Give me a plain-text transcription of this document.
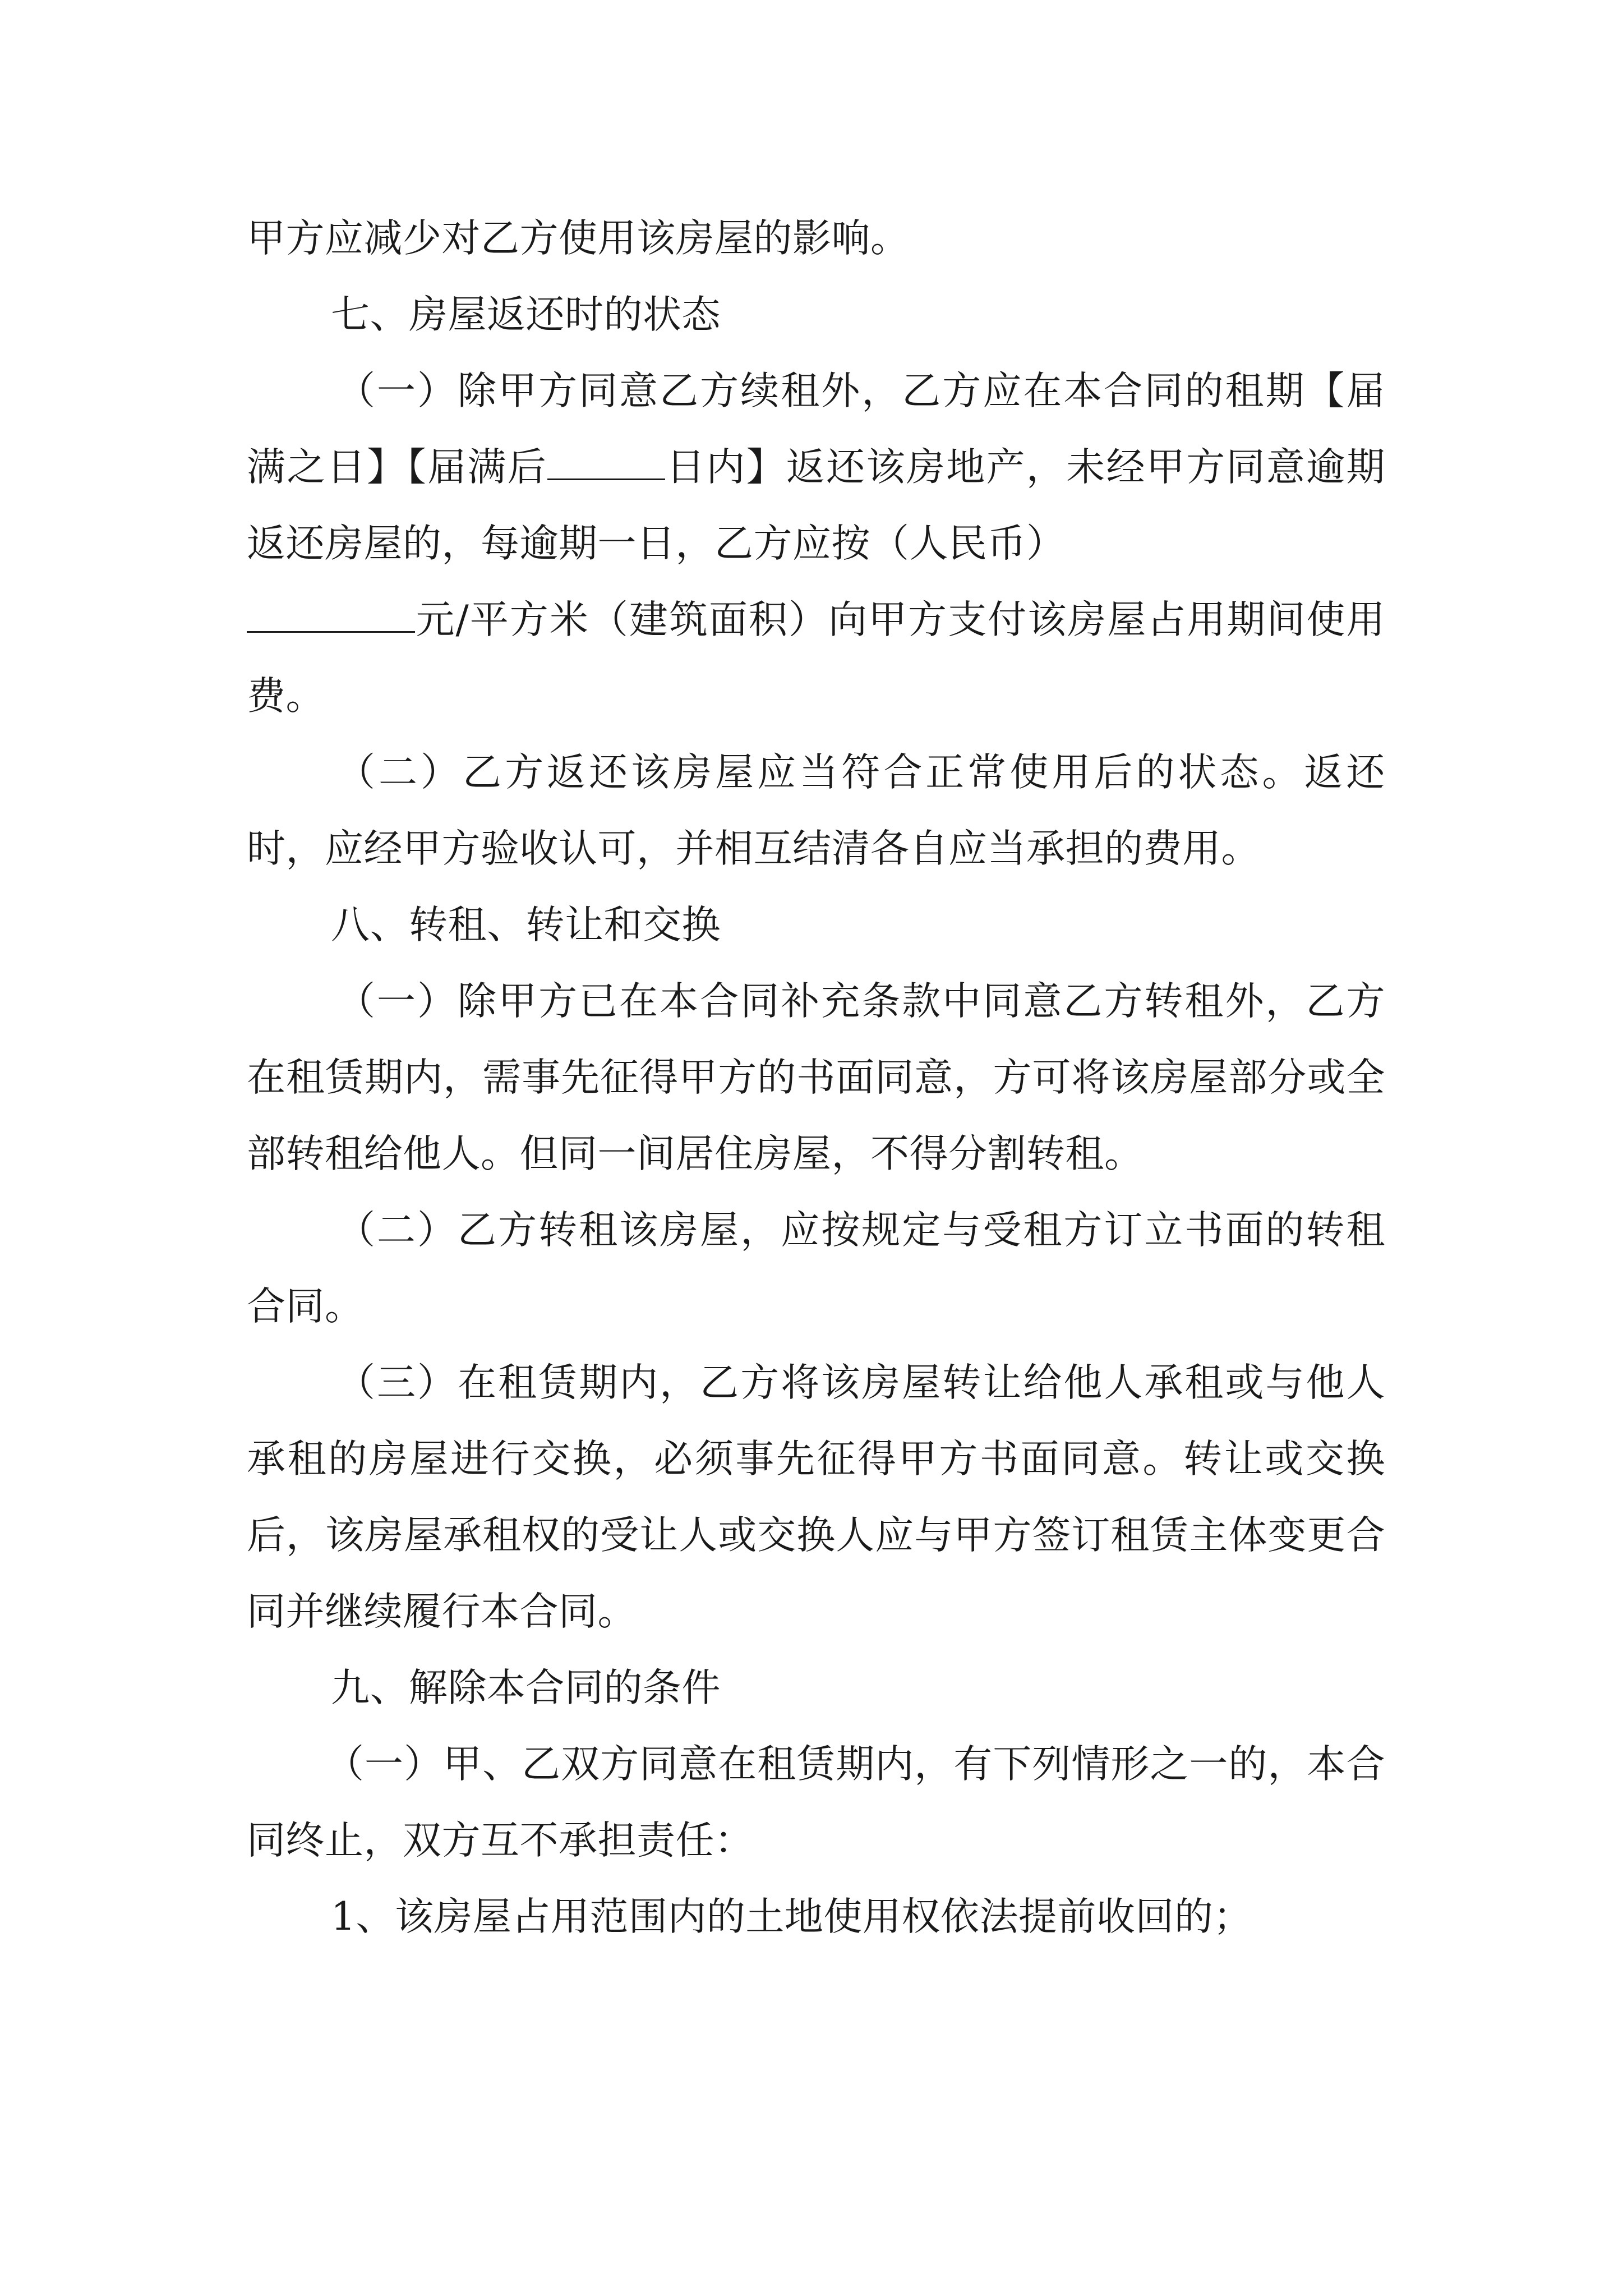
甲方应减少对乙方使用该房屋的影响。

七、房屋返还时的状态

（一）除甲方同意乙方续租外，乙方应在本合同的租期【届满之日】【届满后	日内】返还该房地产，未经甲方同意逾期返还房屋的，每逾期一日，乙方应按（人民币）
元/平方米（建筑面积）向甲方支付该房屋占用期间使用费。

（二）乙方返还该房屋应当符合正常使用后的状态。返还时，应经甲方验收认可，并相互结清各自应当承担的费用。

八、转租、转让和交换

（一）除甲方已在本合同补充条款中同意乙方转租外，乙方在租赁期内，需事先征得甲方的书面同意，方可将该房屋部分或全部转租给他人。但同一间居住房屋，不得分割转租。

（二）乙方转租该房屋，应按规定与受租方订立书面的转租合同。

（三）在租赁期内，乙方将该房屋转让给他人承租或与他人承租的房屋进行交换，必须事先征得甲方书面同意。转让或交换后，该房屋承租权的受让人或交换人应与甲方签订租赁主体变更合同并继续履行本合同。

九、解除本合同的条件

（一）甲、乙双方同意在租赁期内，有下列情形之一的，本合同终止，双方互不承担责任：

1、该房屋占用范围内的土地使用权依法提前收回的；
